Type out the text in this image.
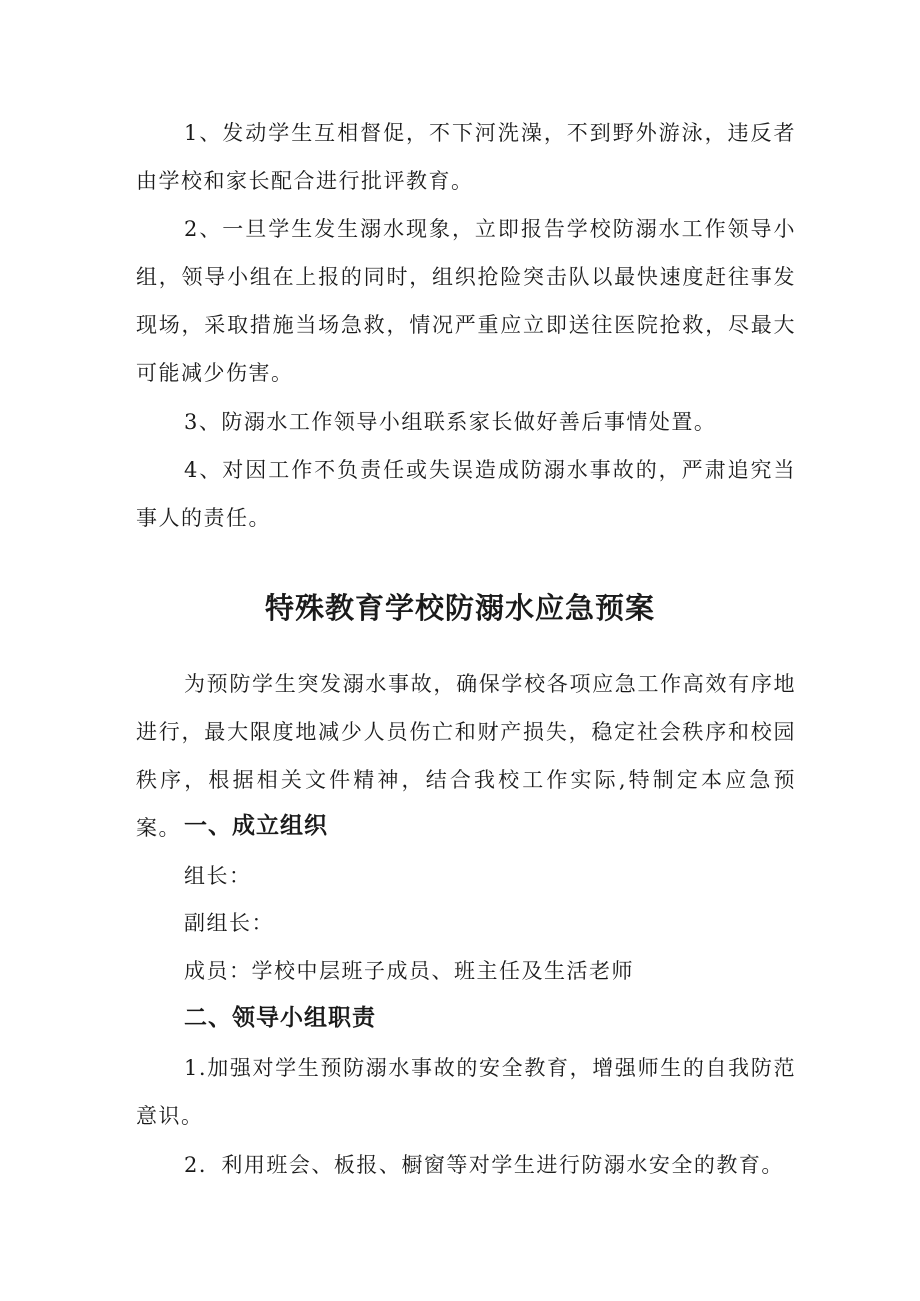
1、发动学生互相督促，不下河洗澡，不到野外游泳，违反者由学校和家长配合进行批评教育。

2、一旦学生发生溺水现象，立即报告学校防溺水工作领导小组，领导小组在上报的同时，组织抢险突击队以最快速度赶往事发现场，采取措施当场急救，情况严重应立即送往医院抢救，尽最大可能减少伤害。

3、防溺水工作领导小组联系家长做好善后事情处置。

4、对因工作不负责任或失误造成防溺水事故的，严肃追究当事人的责任。

特殊教育学校防溺水应急预案

为预防学生突发溺水事故，确保学校各项应急工作高效有序地进行，最大限度地减少人员伤亡和财产损失，稳定社会秩序和校园秩序，根据相关文件精神，结合我校工作实际,特制定本应急预案。 一、成立组织

组长：

副组长：

成员：学校中层班子成员、班主任及生活老师

二、领导小组职责

1.加强对学生预防溺水事故的安全教育，增强师生的自我防范意识。

2．利用班会、板报、橱窗等对学生进行防溺水安全的教育。
